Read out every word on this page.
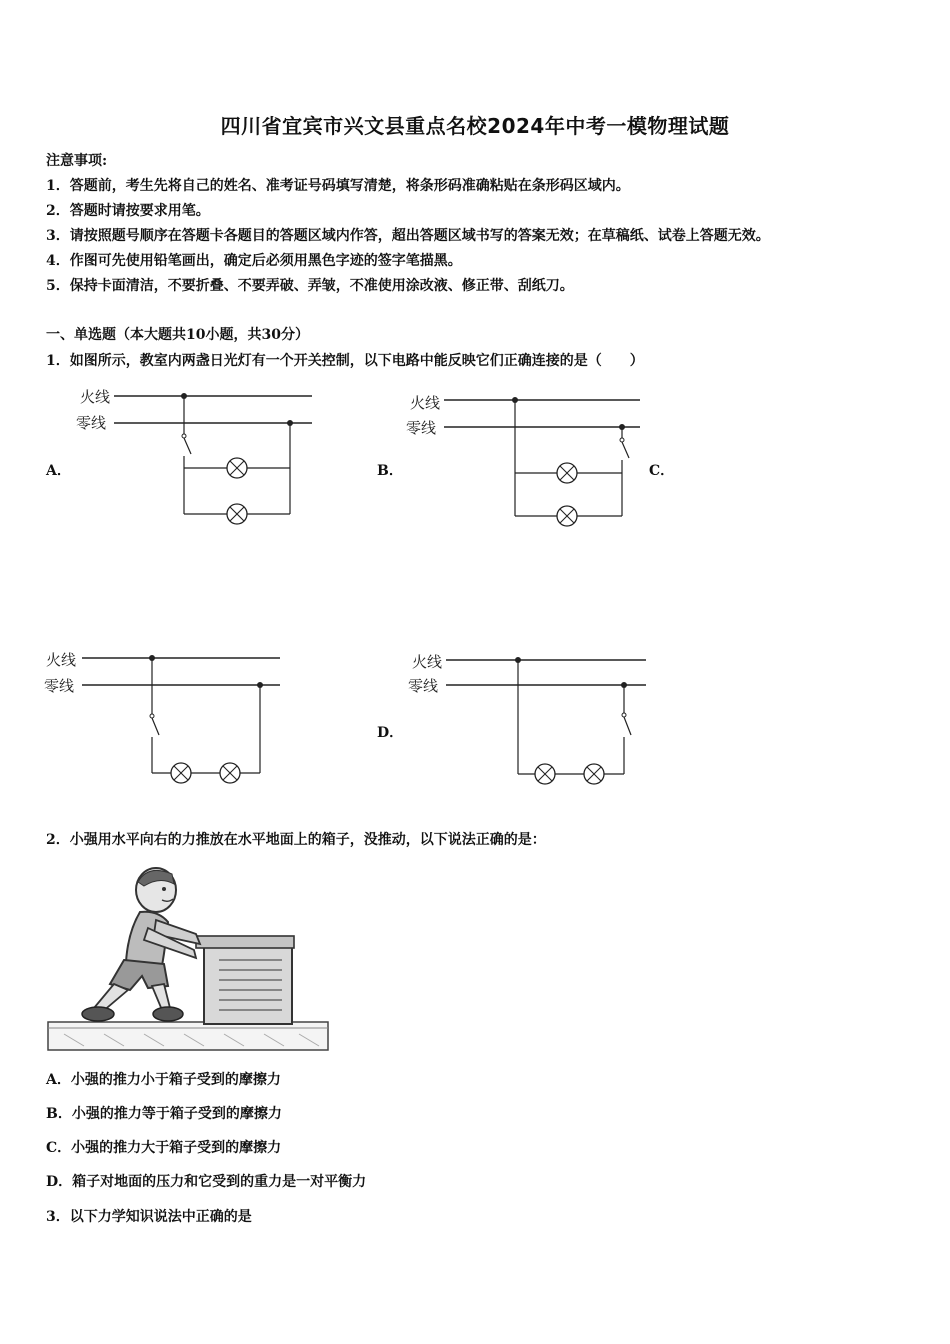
四川省宜宾市兴文县重点名校2024年中考一模物理试题
注意事项:
1．答题前，考生先将自己的姓名、准考证号码填写清楚，将条形码准确粘贴在条形码区域内。
2．答题时请按要求用笔。
3．请按照题号顺序在答题卡各题目的答题区域内作答，超出答题区域书写的答案无效；在草稿纸、试卷上答题无效。
4．作图可先使用铅笔画出，确定后必须用黑色字迹的签字笔描黑。
5．保持卡面清洁，不要折叠、不要弄破、弄皱，不准使用涂改液、修正带、刮纸刀。
一、单选题（本大题共10小题，共30分）
1．如图所示，教室内两盏日光灯有一个开关控制，以下电路中能反映它们正确连接的是（　　）
A．
火线
零线
B．
火线
零线
C．
火线
零线
D．
火线
零线
2．小强用水平向右的力推放在水平地面上的箱子，没推动，以下说法正确的是：
A．小强的推力小于箱子受到的摩擦力
B．小强的推力等于箱子受到的摩擦力
C．小强的推力大于箱子受到的摩擦力
D．箱子对地面的压力和它受到的重力是一对平衡力
3．以下力学知识说法中正确的是
